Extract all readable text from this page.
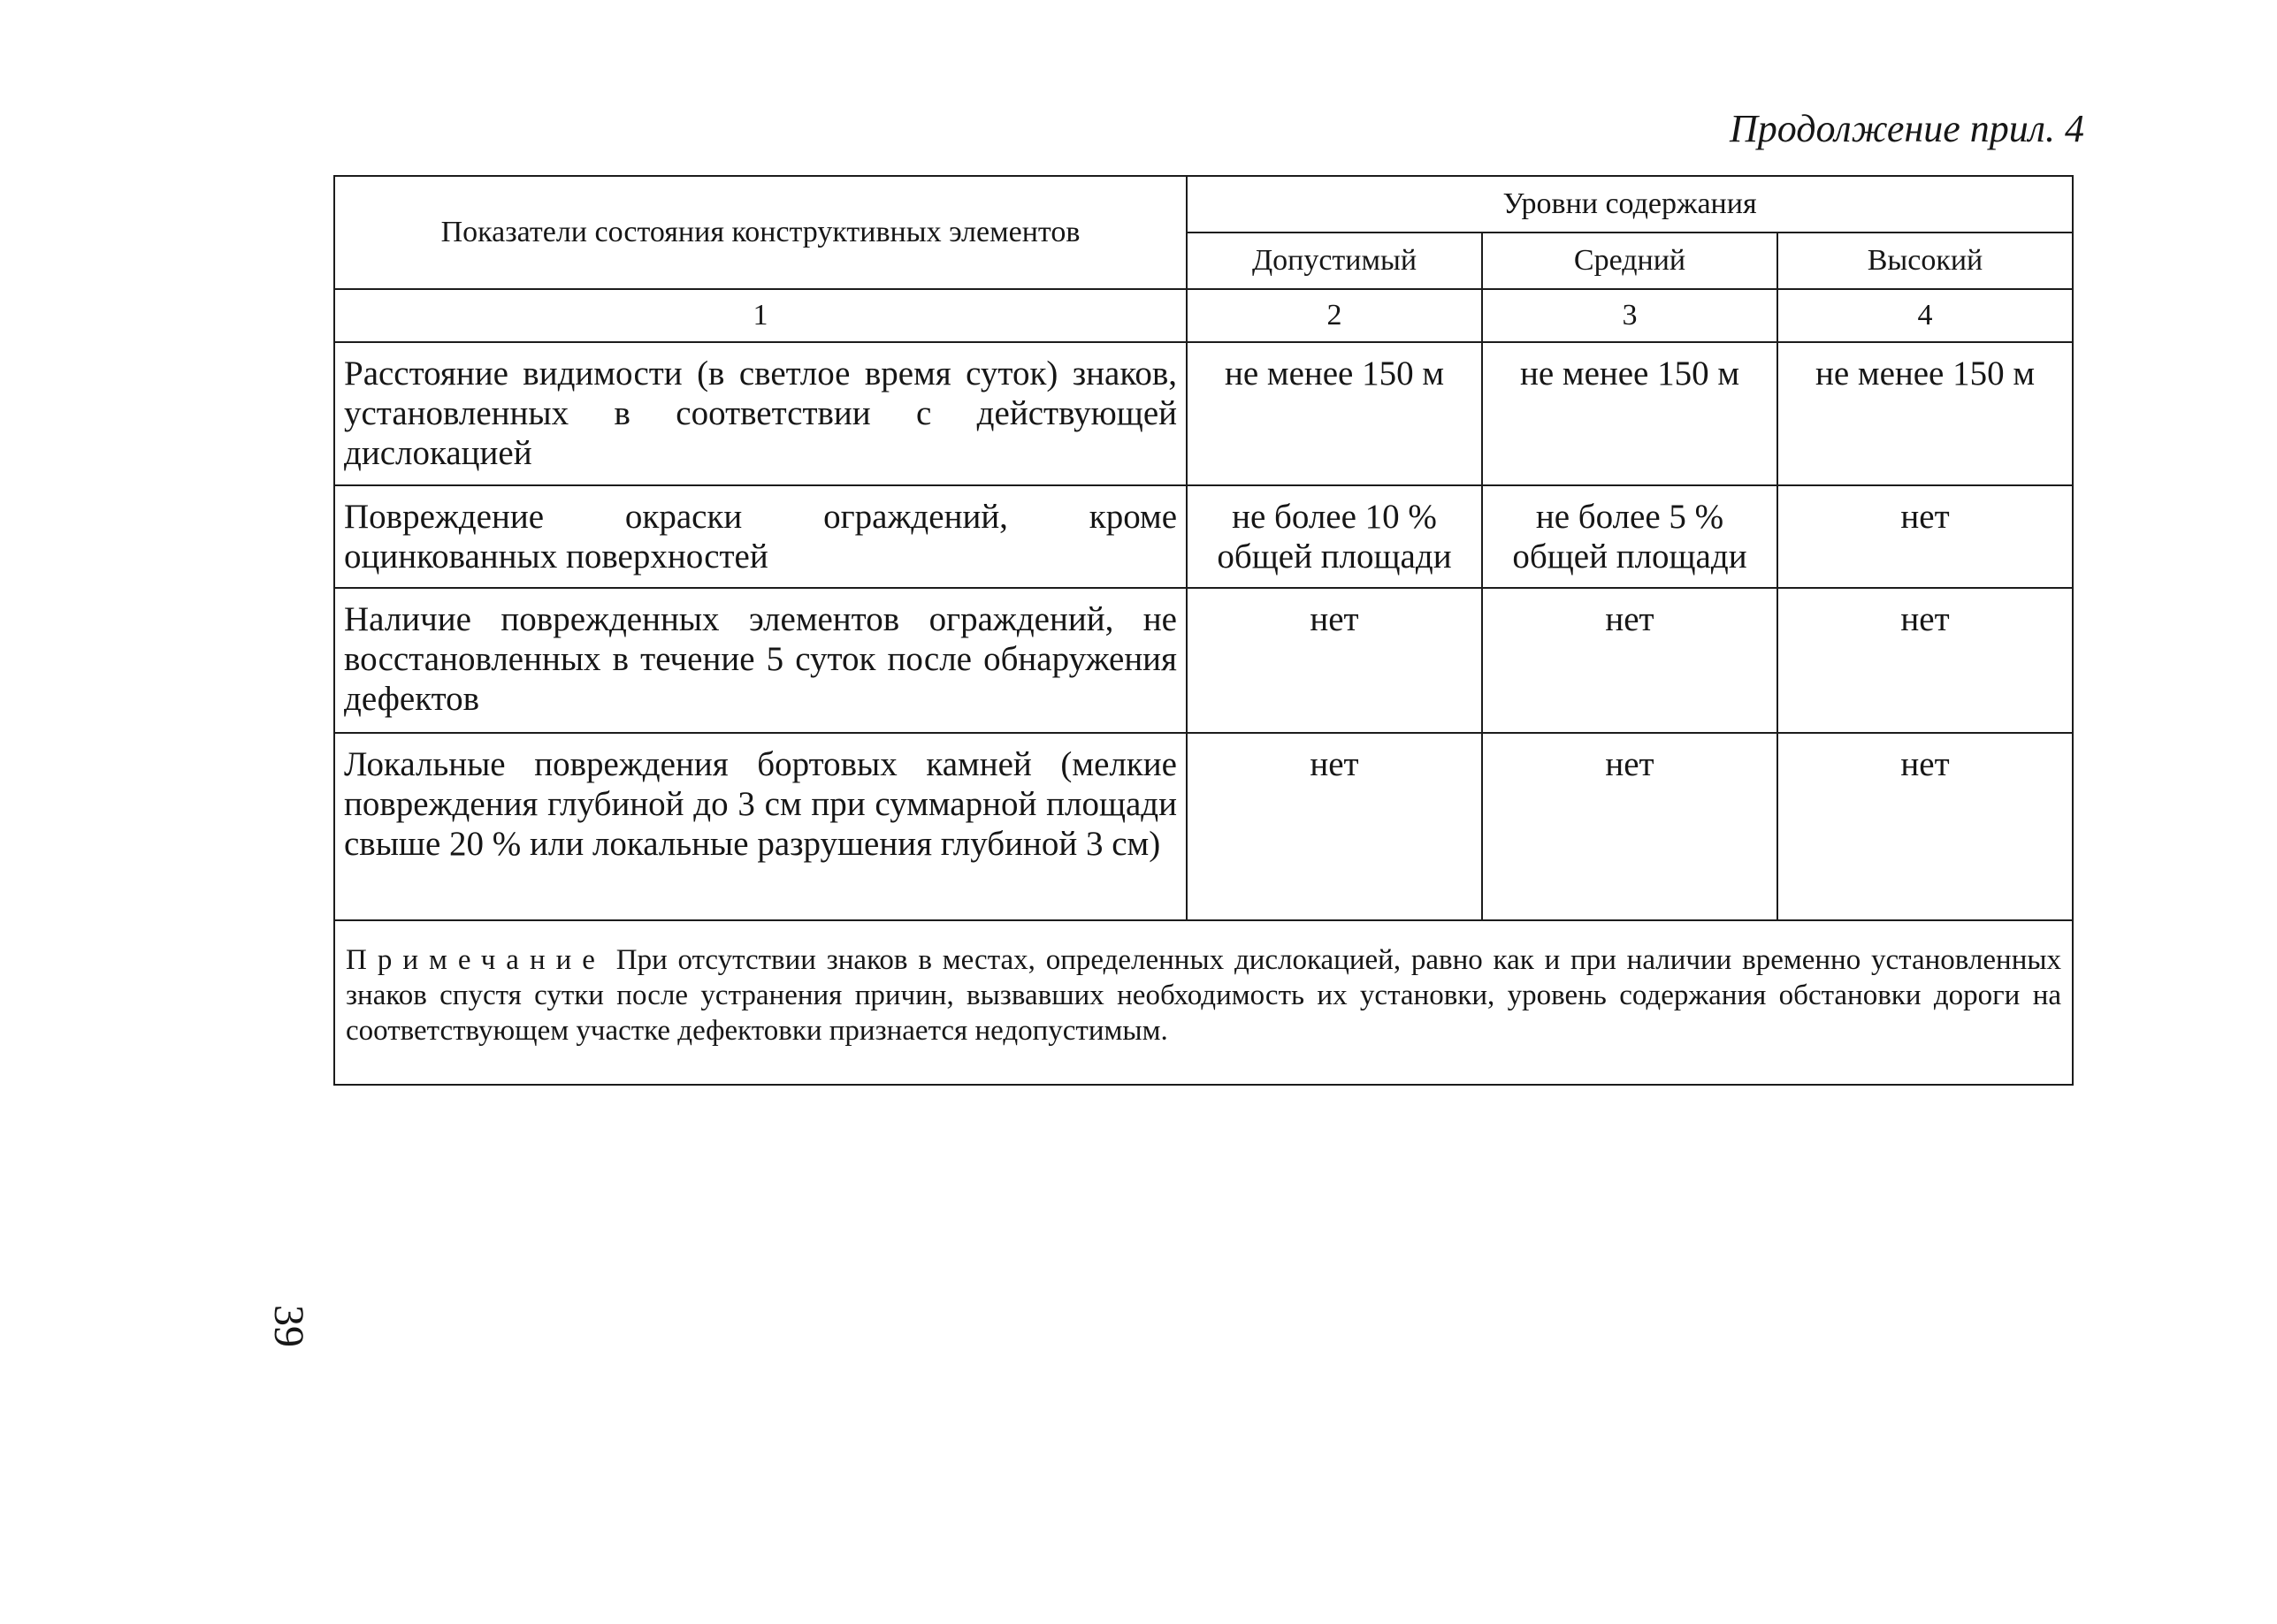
Продолжение прил. 4
Показатели состояния конструктивных элементов	Уровни содержания		
	Допустимый	Средний	Высокий
1	2	3	4
Расстояние видимости (в светлое время суток) знаков, установленных в соответствии с действующей дислокацией	не менее 150 м	не менее 150 м	не менее 150 м
Повреждение окраски ограждений, кроме оцинкованных поверхностей	не более 10 % общей площади	не более 5 % общей площади	нет
Наличие поврежденных элементов ограждений, не восстановленных в течение 5 суток после обнаружения дефектов	нет	нет	нет
Локальные повреждения бортовых камней (мелкие повреждения глубиной до 3 см при суммарной площади свыше 20 % или локальные разрушения глубиной 3 см)	нет	нет	нет
Примечание При отсутствии знаков в местах, определенных дислокацией, равно как и при наличии временно установленных знаков спустя сутки после устранения причин, вызвавших необходимость их установки, уровень содержания обстановки дороги на соответствующем участке дефектовки признается недопустимым.			
39
